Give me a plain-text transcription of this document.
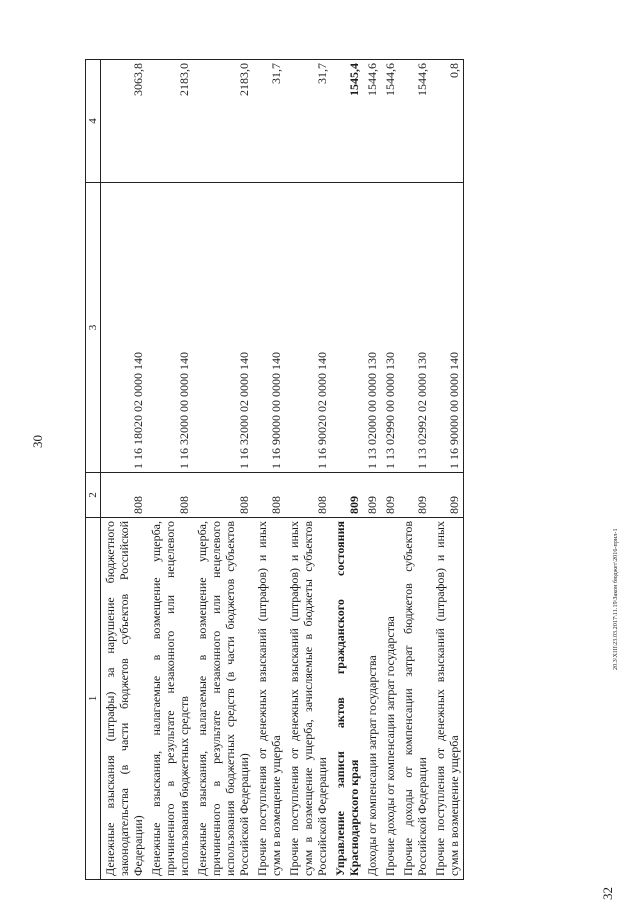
30
32
20.3\XIII\23.03.2017\11.19\Закон бюджет\2016-прил-1
1	2	3	4
Денежные взыскания (штрафы) за нарушение бюджетного законодательства (в части бюджетов субъектов Российской Федерации)	808	1 16 18020 02 0000 140	3063,8
Денежные взыскания, налагаемые в возмещение ущерба, причиненного в результате незаконного или нецелевого использования бюджетных средств	808	1 16 32000 00 0000 140	2183,0
Денежные взыскания, налагаемые в возмещение ущерба, причиненного в результате незаконного или нецелевого использования бюджетных средств (в части бюджетов субъектов Российской Федерации)	808	1 16 32000 02 0000 140	2183,0
Прочие поступления от денежных взысканий (штрафов) и иных сумм в возмещение ущерба	808	1 16 90000 00 0000 140	31,7
Прочие поступления от денежных взысканий (штрафов) и иных сумм в возмещение ущерба, зачисляемые в бюджеты субъектов Российской Федерации	808	1 16 90020 02 0000 140	31,7
Управление записи актов гражданского состояния Краснодарского края	809		1545,4
Доходы от компенсации затрат государства	809	1 13 02000 00 0000 130	1544,6
Прочие доходы от компенсации затрат государства	809	1 13 02990 00 0000 130	1544,6
Прочие доходы от компенсации затрат бюджетов субъектов Российской Федерации	809	1 13 02992 02 0000 130	1544,6
Прочие поступления от денежных взысканий (штрафов) и иных сумм в возмещение ущерба	809	1 16 90000 00 0000 140	0,8
